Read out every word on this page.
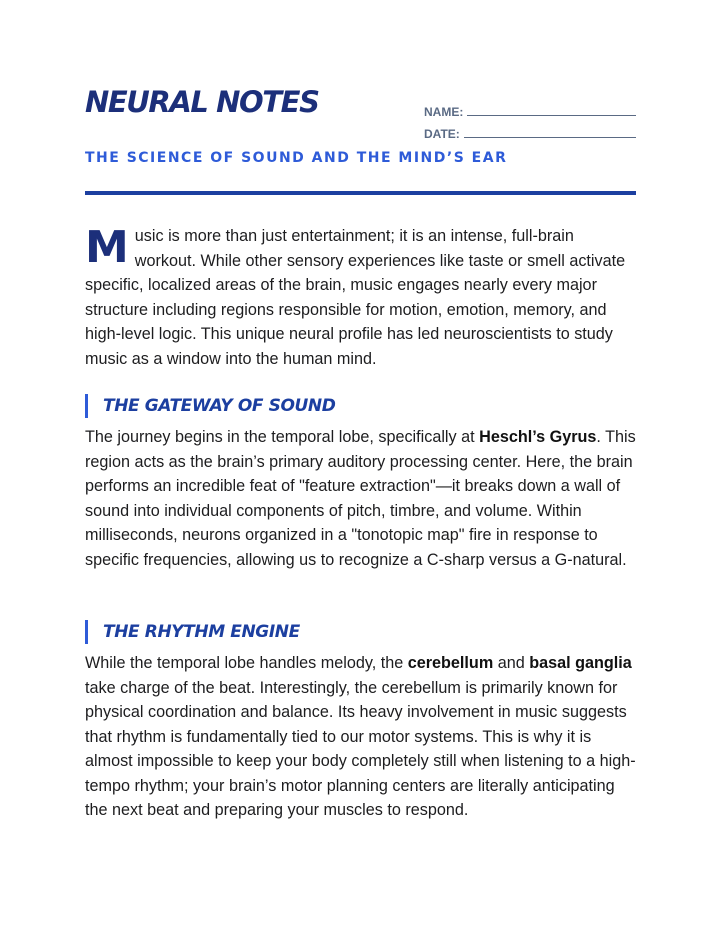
NEURAL NOTES	NAME:
DATE:
THE SCIENCE OF SOUND AND THE MIND’S EAR

M usic is more than just entertainment; it is an intense, full-brain workout. While other sensory experiences like taste or smell activate specific, localized areas of the brain, music engages nearly every major structure including regions responsible for motion, emotion, memory, and high-level logic. This unique neural profile has led neuroscientists to study music as a window into the human mind.

THE GATEWAY OF SOUND

The journey begins in the temporal lobe, specifically at Heschl’s Gyrus. This region acts as the brain’s primary auditory processing center. Here, the brain performs an incredible feat of "feature extraction"—it breaks down a wall of sound into individual components of pitch, timbre, and volume. Within milliseconds, neurons organized in a "tonotopic map" fire in response to specific frequencies, allowing us to recognize a C-sharp versus a G-natural.

THE RHYTHM ENGINE

While the temporal lobe handles melody, the cerebellum and basal ganglia take charge of the beat. Interestingly, the cerebellum is primarily known for physical coordination and balance. Its heavy involvement in music suggests that rhythm is fundamentally tied to our motor systems. This is why it is almost impossible to keep your body completely still when listening to a high-tempo rhythm; your brain’s motor planning centers are literally anticipating the next beat and preparing your muscles to respond.
